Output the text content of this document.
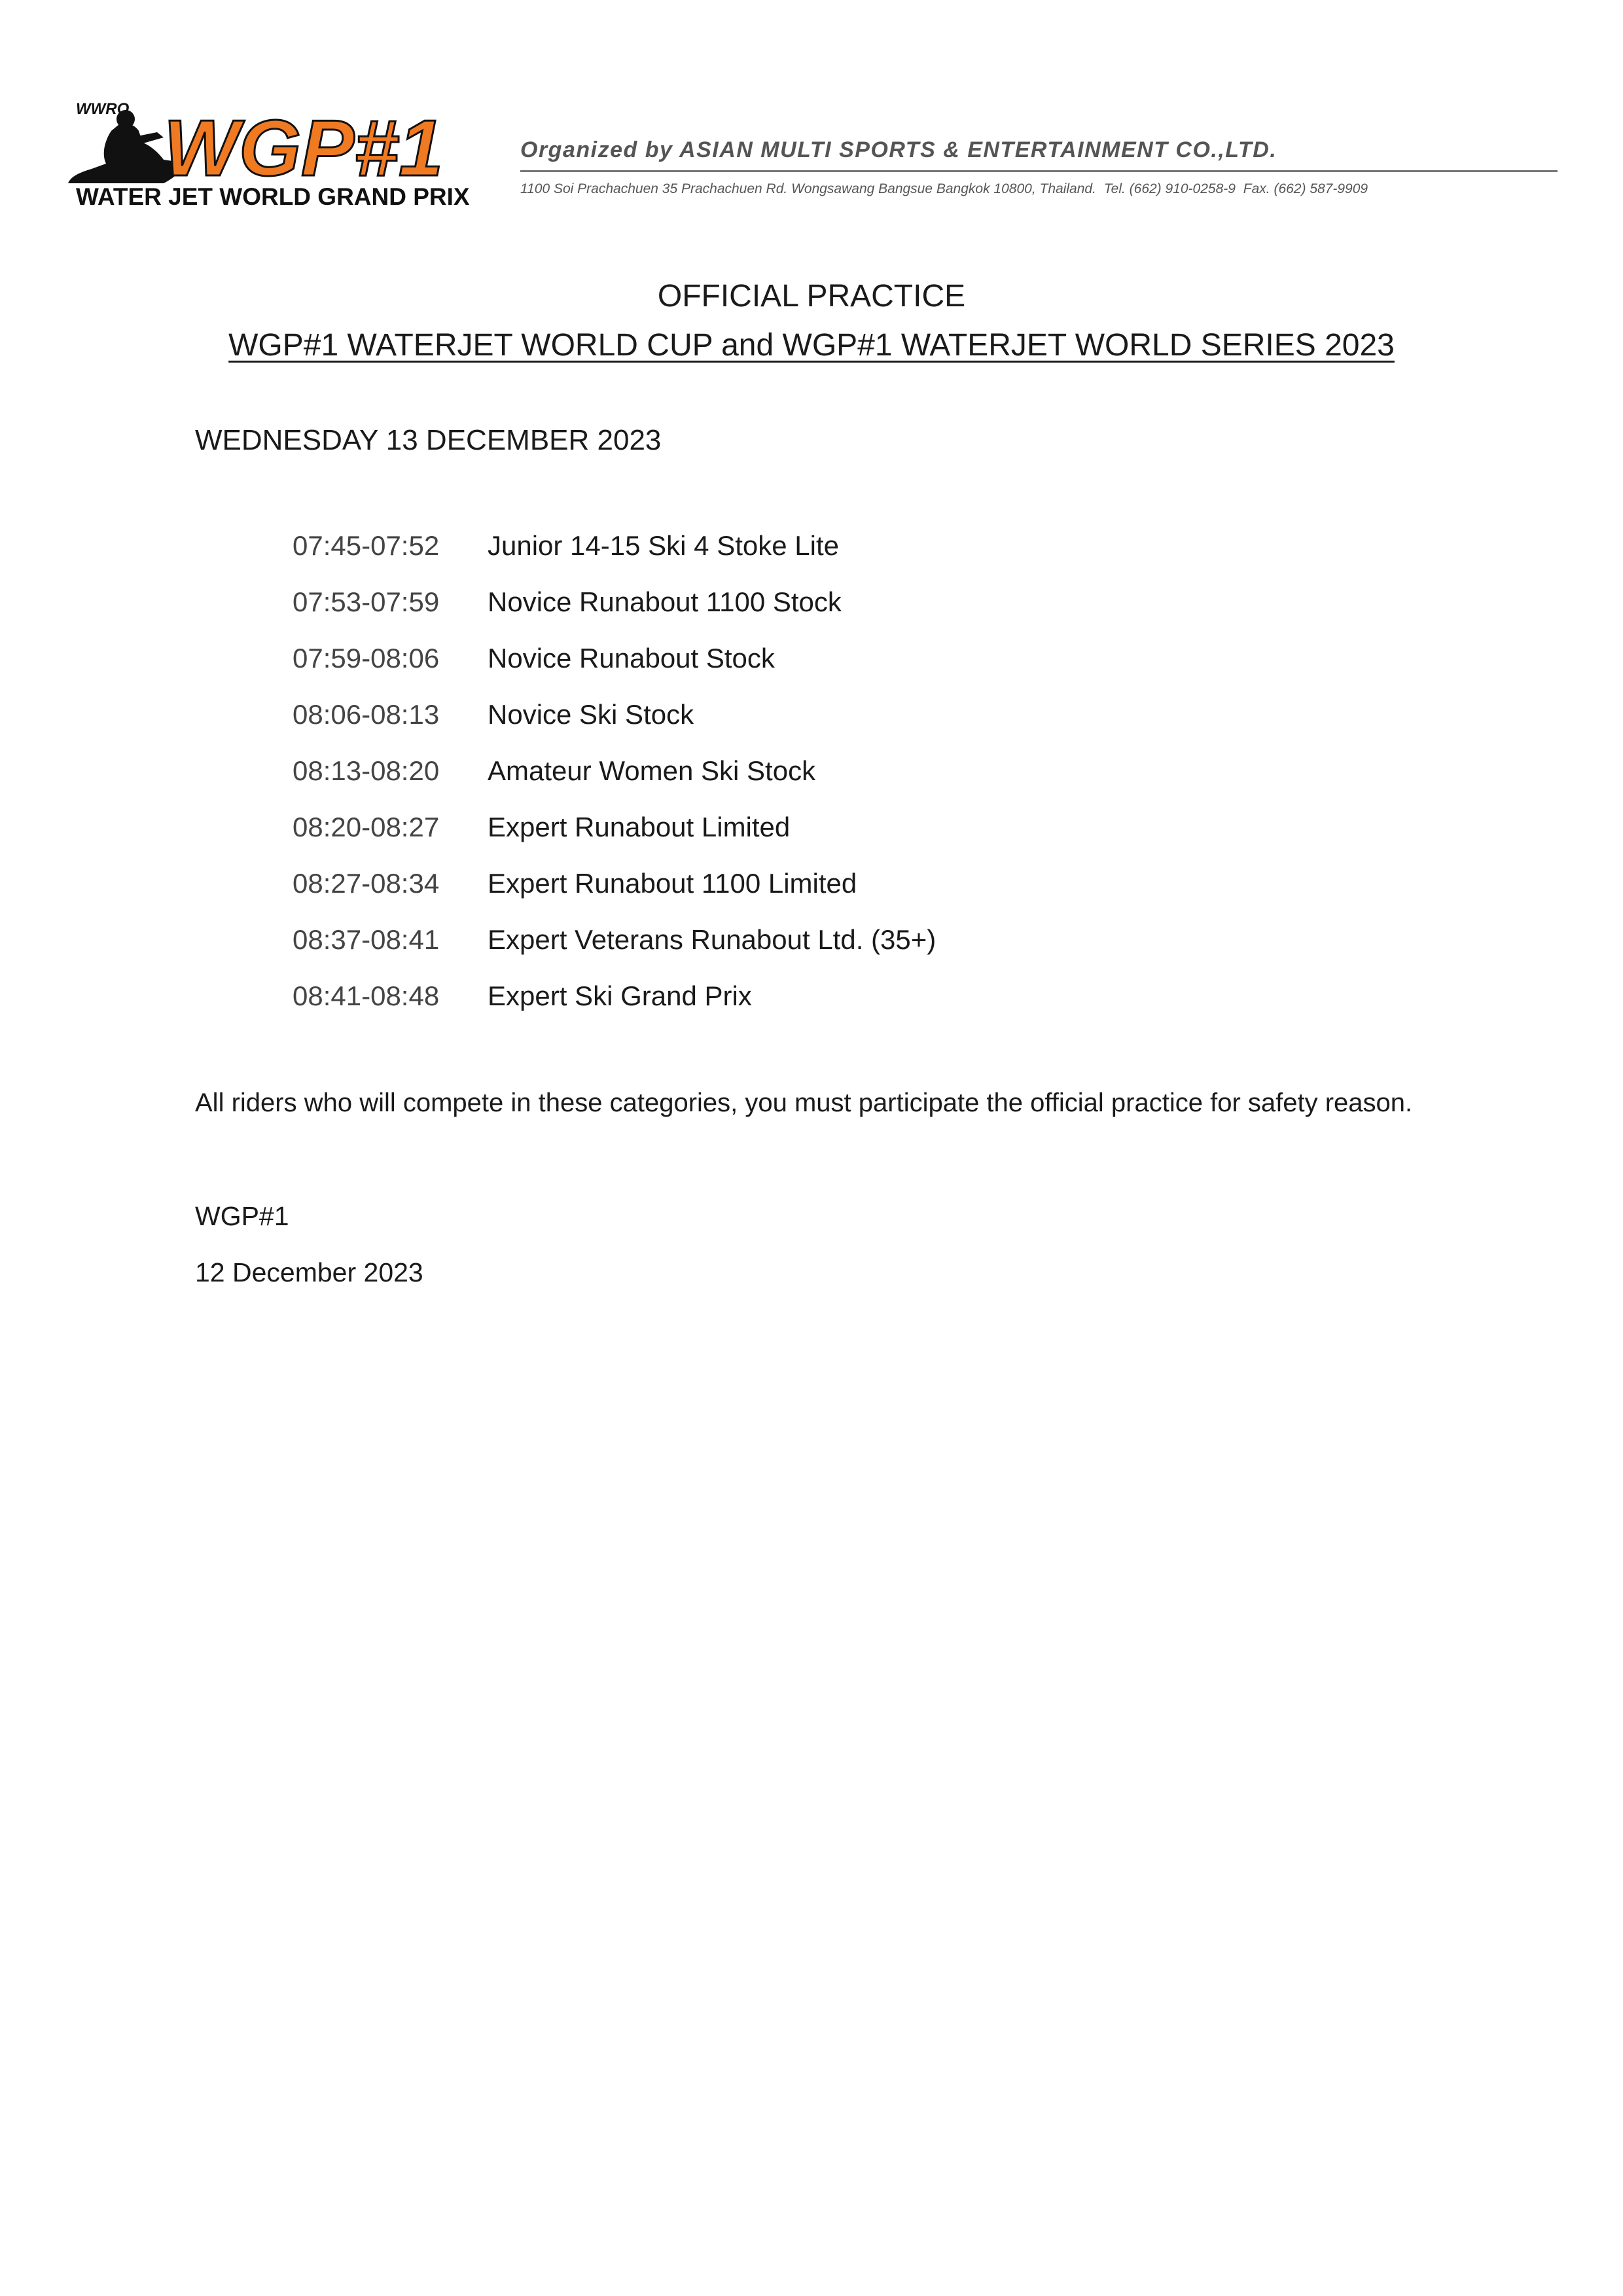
WWRO WGP#1
WATER JET WORLD GRAND PRIX
Organized by ASIAN MULTI SPORTS & ENTERTAINMENT CO.,LTD.
1100 Soi Prachachuen 35 Prachachuen Rd. Wongsawang Bangsue Bangkok 10800, Thailand. Tel. (662) 910-0258-9 Fax. (662) 587-9909
OFFICIAL PRACTICE
WGP#1 WATERJET WORLD CUP and WGP#1 WATERJET WORLD SERIES 2023
WEDNESDAY 13 DECEMBER 2023
07:45-07:52 Junior 14-15 Ski 4 Stoke Lite
07:53-07:59 Novice Runabout 1100 Stock
07:59-08:06 Novice Runabout Stock
08:06-08:13 Novice Ski Stock
08:13-08:20 Amateur Women Ski Stock
08:20-08:27 Expert Runabout Limited
08:27-08:34 Expert Runabout 1100 Limited
08:37-08:41 Expert Veterans Runabout Ltd. (35+)
08:41-08:48 Expert Ski Grand Prix
All riders who will compete in these categories, you must participate the official practice for safety reason.
WGP#1
12 December 2023
